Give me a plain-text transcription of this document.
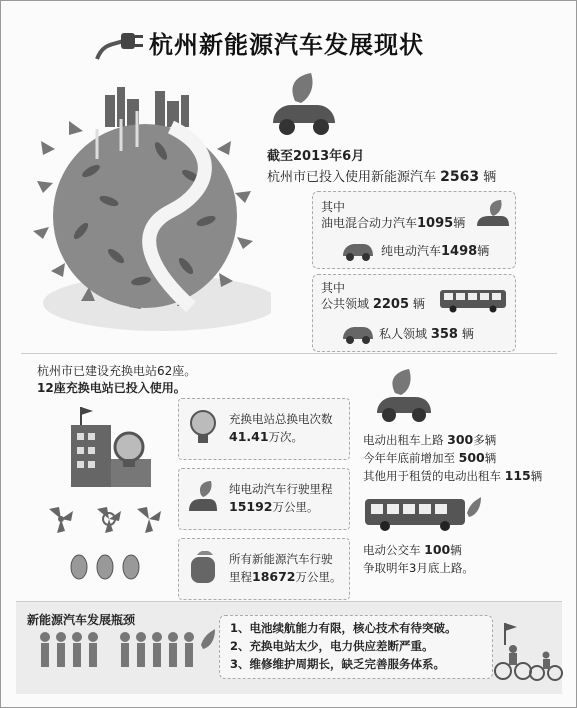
杭州新能源汽车发展现状
截至2013年6月
杭州市已投入使用新能源汽车 2563 辆
其中
油电混合动力汽车1095辆
纯电动汽车1498辆
其中
公共领域 2205 辆
私人领域 358 辆
杭州市已建设充换电站62座。
12座充换电站已投入使用。
充换电站总换电次数
41.41万次。
纯电动汽车行驶里程
15192万公里。
所有新能源汽车行驶
里程18672万公里。
电动出租车上路 300多辆
今年年底前增加至 500辆
其他用于租赁的电动出租车 115辆
电动公交车 100辆
争取明年3月底上路。
新能源汽车发展瓶颈
1、电池续航能力有限，核心技术有待突破。
2、充换电站太少，电力供应差断严重。
3、维修维护周期长，缺乏完善服务体系。
